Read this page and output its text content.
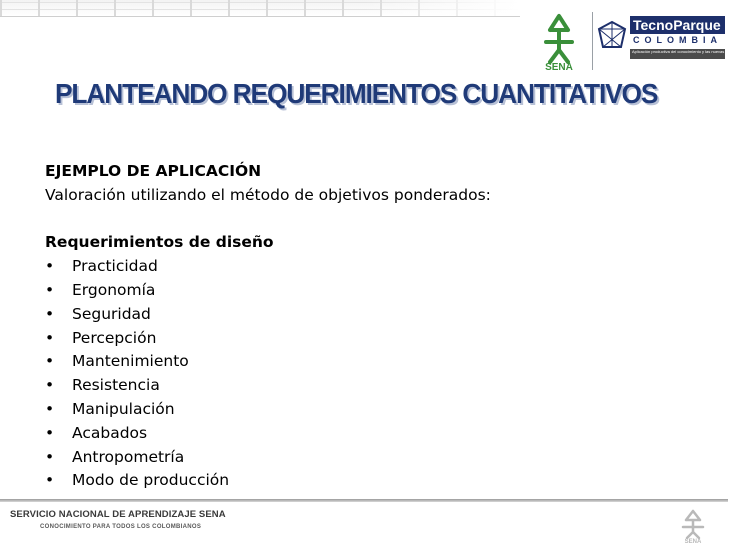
SENA
TecnoParque
COLOMBIA
Aplicación productiva del conocimiento y las nuevas tecnologías
PLANTEANDO REQUERIMIENTOS CUANTITATIVOS
EJEMPLO DE APLICACIÓN
Valoración utilizando el método de objetivos ponderados:
Requerimientos de diseño
• Practicidad
• Ergonomía
• Seguridad
• Percepción
• Mantenimiento
• Resistencia
• Manipulación
• Acabados
• Antropometría
• Modo de producción
SERVICIO NACIONAL DE APRENDIZAJE SENA
CONOCIMIENTO PARA TODOS LOS COLOMBIANOS
SENA
